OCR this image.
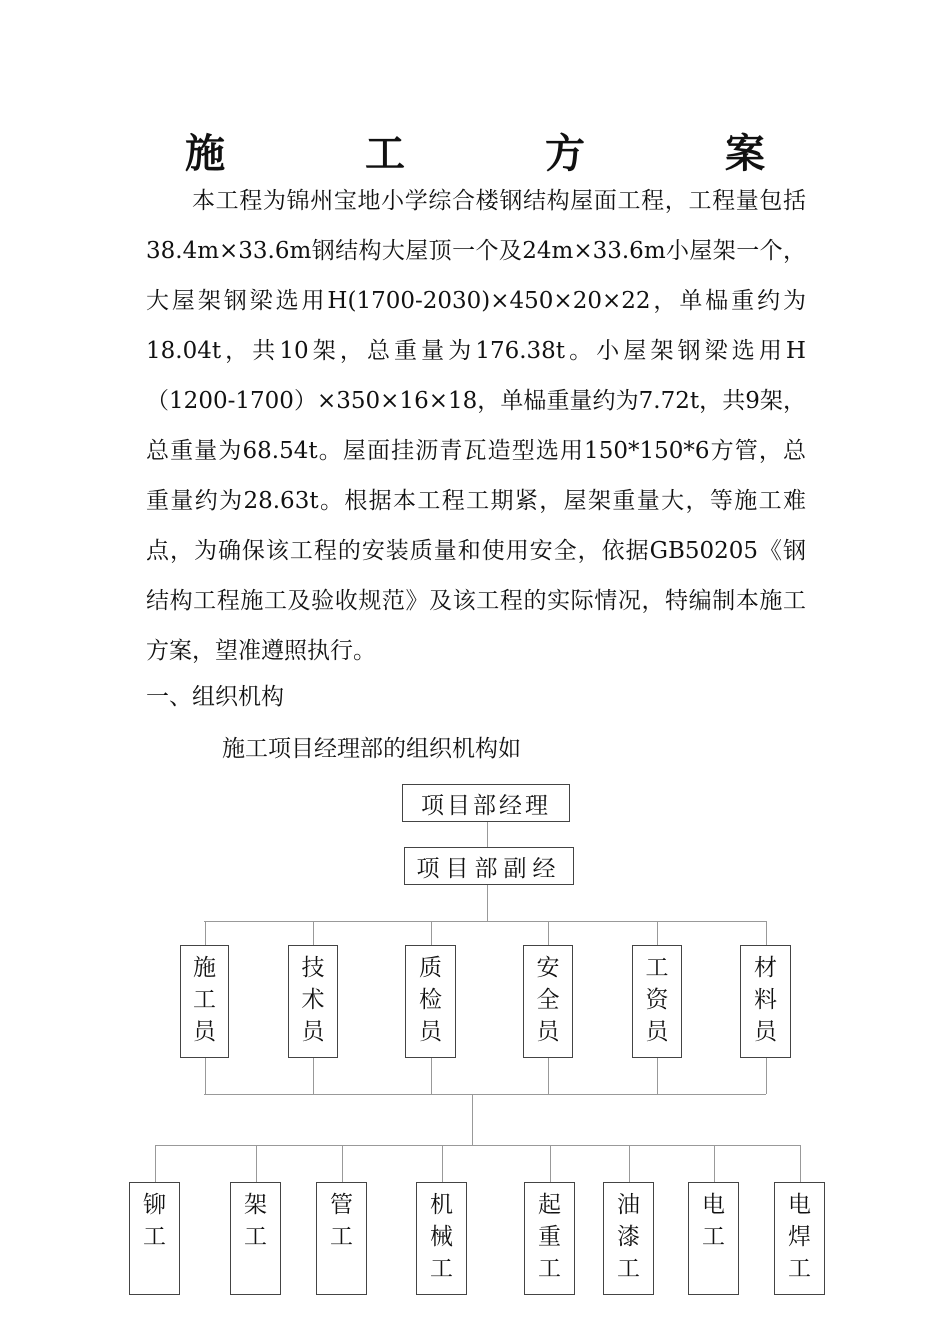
施　工　方　案

本工程为锦州宝地小学综合楼钢结构屋面工程，工程量包括38.4m×33.6m钢结构大屋顶一个及24m×33.6m小屋架一个，大屋架钢梁选用H(1700-2030)×450×20×22，单榀重约为18.04t，共10架，总重量为176.38t。小屋架钢梁选用H（1200-1700）×350×16×18，单榀重量约为7.72t，共9架，总重量为68.54t。屋面挂沥青瓦造型选用150*150*6方管，总重量约为28.63t。根据本工程工期紧，屋架重量大，等施工难点，为确保该工程的安装质量和使用安全，依据GB50205《钢结构工程施工及验收规范》及该工程的实际情况，特编制本施工方案，望准遵照执行。

一、组织机构
施工项目经理部的组织机构如
项目部经理
项目部副经
施
工
员
技
术
员
质
检
员
安
全
员
工
资
员
材
料
员
铆
工
架
工
管
工
机
械
工
起
重
工
油
漆
工
电
工
电
焊
工
